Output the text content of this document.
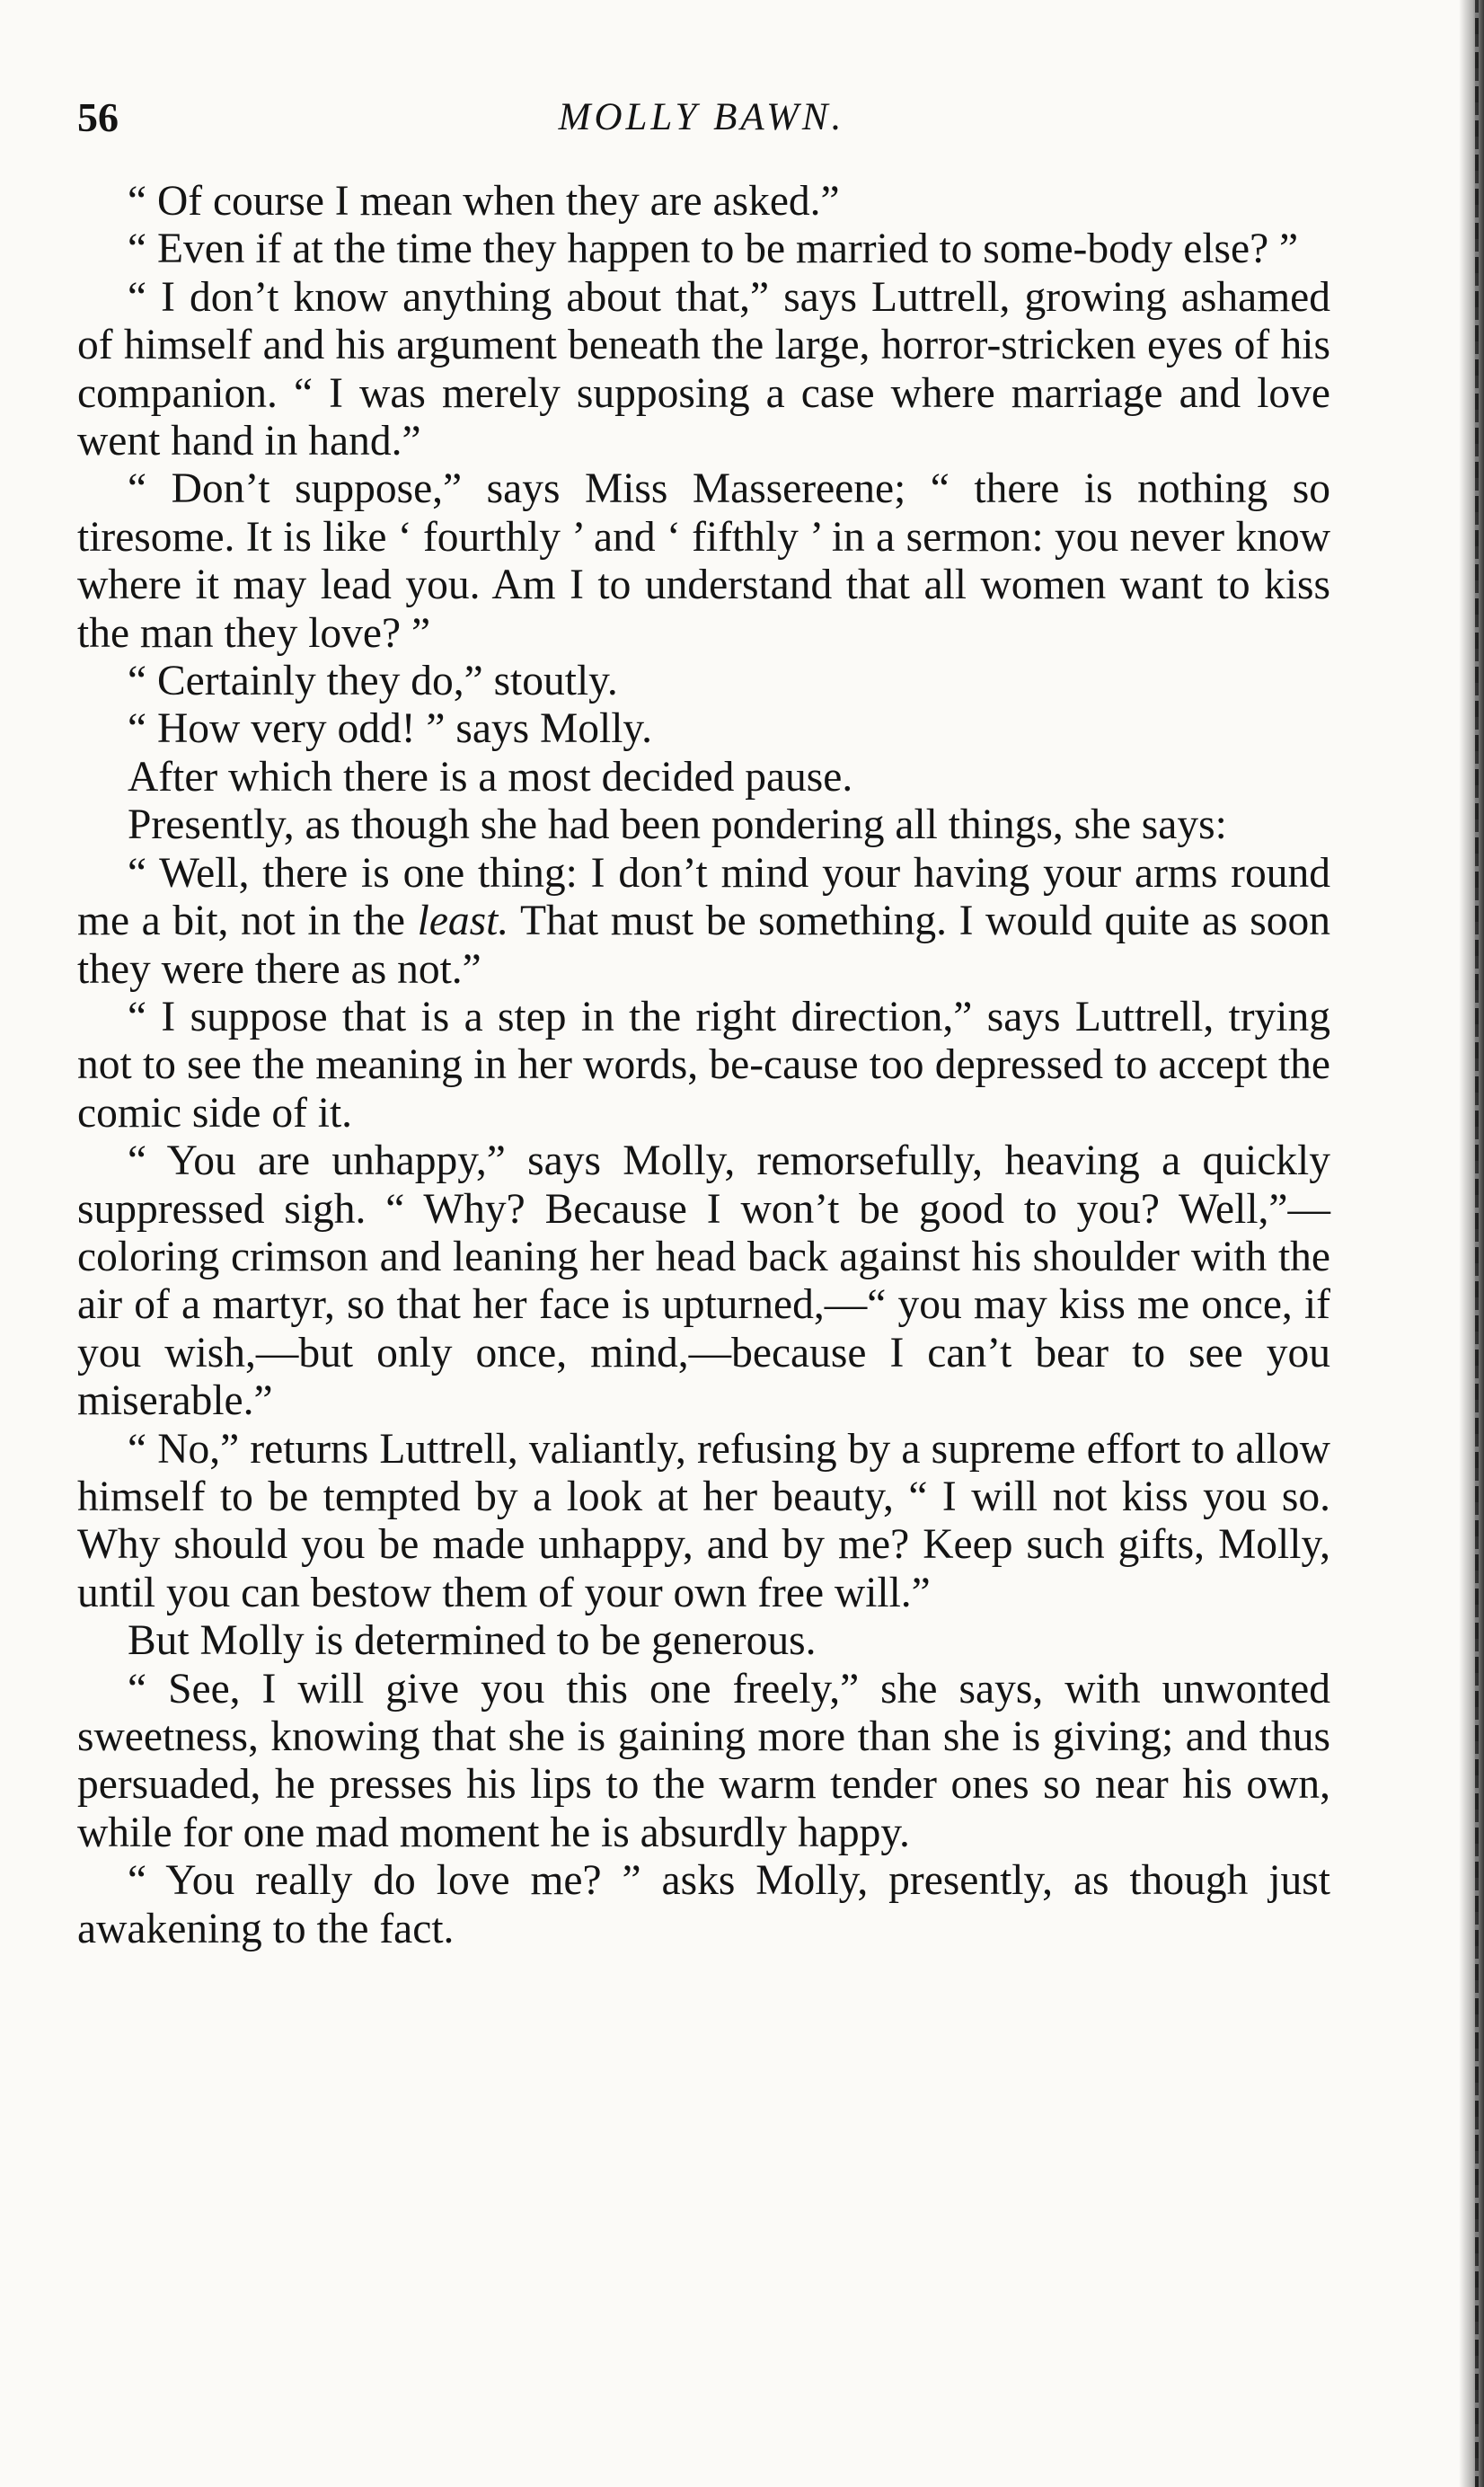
56	MOLLY BAWN.

“ Of course I mean when they are asked.”

“ Even if at the time they happen to be married to some-body else? ”

“ I don’t know anything about that,” says Luttrell, growing ashamed of himself and his argument beneath the large, horror-stricken eyes of his companion. “ I was merely supposing a case where marriage and love went hand in hand.”

“ Don’t suppose,” says Miss Massereene; “ there is nothing so tiresome. It is like ‘ fourthly ’ and ‘ fifthly ’ in a sermon: you never know where it may lead you. Am I to understand that all women want to kiss the man they love? ”

“ Certainly they do,” stoutly.

“ How very odd! ” says Molly.

After which there is a most decided pause.

Presently, as though she had been pondering all things, she says:

“ Well, there is one thing: I don’t mind your having your arms round me a bit, not in the least. That must be something. I would quite as soon they were there as not.”

“ I suppose that is a step in the right direction,” says Luttrell, trying not to see the meaning in her words, be-cause too depressed to accept the comic side of it.

“ You are unhappy,” says Molly, remorsefully, heaving a quickly suppressed sigh. “ Why? Because I won’t be good to you? Well,”—coloring crimson and leaning her head back against his shoulder with the air of a martyr, so that her face is upturned,—“ you may kiss me once, if you wish,—but only once, mind,—because I can’t bear to see you miserable.”

“ No,” returns Luttrell, valiantly, refusing by a supreme effort to allow himself to be tempted by a look at her beauty, “ I will not kiss you so. Why should you be made unhappy, and by me? Keep such gifts, Molly, until you can bestow them of your own free will.”

But Molly is determined to be generous.

“ See, I will give you this one freely,” she says, with unwonted sweetness, knowing that she is gaining more than she is giving; and thus persuaded, he presses his lips to the warm tender ones so near his own, while for one mad moment he is absurdly happy.

“ You really do love me? ” asks Molly, presently, as though just awakening to the fact.
